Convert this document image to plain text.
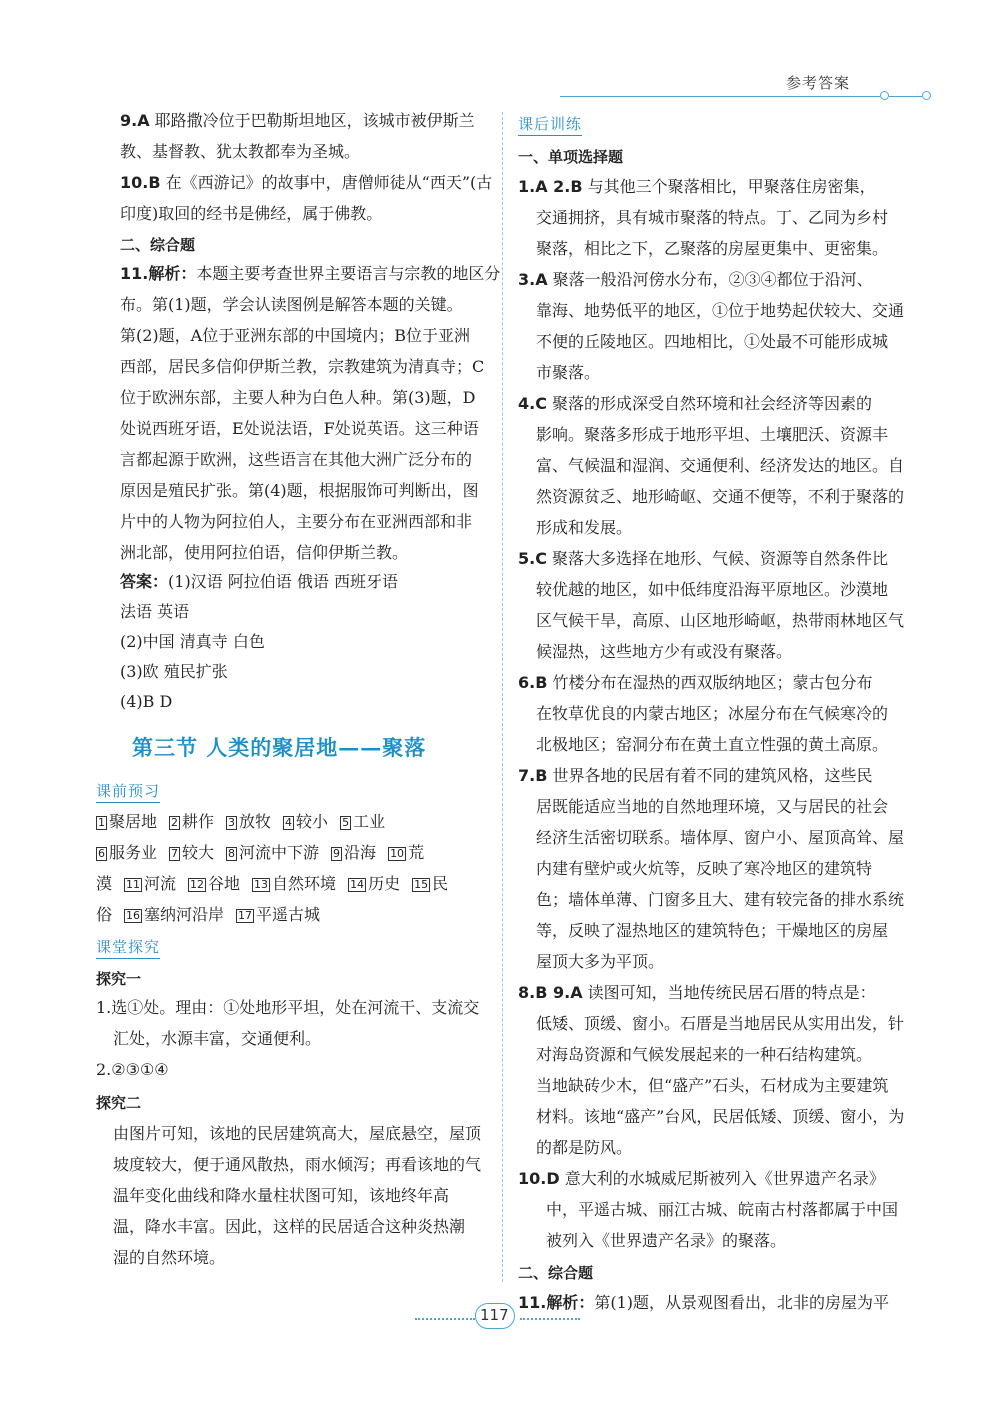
参考答案
9.A 耶路撒冷位于巴勒斯坦地区，该城市被伊斯兰
教、基督教、犹太教都奉为圣城。
10.B 在《西游记》的故事中，唐僧师徒从“西天”(古
印度)取回的经书是佛经，属于佛教。
二、综合题
11.解析：本题主要考查世界主要语言与宗教的地区分
布。第(1)题，学会认读图例是解答本题的关键。
第(2)题，A位于亚洲东部的中国境内；B位于亚洲
西部，居民多信仰伊斯兰教，宗教建筑为清真寺；C
位于欧洲东部，主要人种为白色人种。第(3)题，D
处说西班牙语，E处说法语，F处说英语。这三种语
言都起源于欧洲，这些语言在其他大洲广泛分布的
原因是殖民扩张。第(4)题，根据服饰可判断出，图
片中的人物为阿拉伯人，主要分布在亚洲西部和非
洲北部，使用阿拉伯语，信仰伊斯兰教。
答案：(1)汉语 阿拉伯语 俄语 西班牙语
法语 英语
(2)中国 清真寺 白色
(3)欧 殖民扩张
(4)B D
第三节 人类的聚居地——聚落
课前预习
1 聚居地 2 耕作 3 放牧 4 较小 5 工业
6 服务业 7 较大 8 河流中下游 9 沿海 10 荒
漠 11 河流 12 谷地 13 自然环境 14 历史 15 民
俗 16 塞纳河沿岸 17 平遥古城
课堂探究
探究一
1.选①处。理由：①处地形平坦，处在河流干、支流交
汇处，水源丰富，交通便利。
2.②③①④
探究二
由图片可知，该地的民居建筑高大，屋底悬空，屋顶
坡度较大，便于通风散热，雨水倾泻；再看该地的气
温年变化曲线和降水量柱状图可知，该地终年高
温，降水丰富。因此，这样的民居适合这种炎热潮
湿的自然环境。
课后训练
一、单项选择题
1.A 2.B 与其他三个聚落相比，甲聚落住房密集，
交通拥挤，具有城市聚落的特点。丁、乙同为乡村
聚落，相比之下，乙聚落的房屋更集中、更密集。
3.A 聚落一般沿河傍水分布，②③④都位于沿河、
靠海、地势低平的地区，①位于地势起伏较大、交通
不便的丘陵地区。四地相比，①处最不可能形成城
市聚落。
4.C 聚落的形成深受自然环境和社会经济等因素的
影响。聚落多形成于地形平坦、土壤肥沃、资源丰
富、气候温和湿润、交通便利、经济发达的地区。自
然资源贫乏、地形崎岖、交通不便等，不利于聚落的
形成和发展。
5.C 聚落大多选择在地形、气候、资源等自然条件比
较优越的地区，如中低纬度沿海平原地区。沙漠地
区气候干旱，高原、山区地形崎岖，热带雨林地区气
候湿热，这些地方少有或没有聚落。
6.B 竹楼分布在湿热的西双版纳地区；蒙古包分布
在牧草优良的内蒙古地区；冰屋分布在气候寒冷的
北极地区；窑洞分布在黄土直立性强的黄土高原。
7.B 世界各地的民居有着不同的建筑风格，这些民
居既能适应当地的自然地理环境，又与居民的社会
经济生活密切联系。墙体厚、窗户小、屋顶高耸、屋
内建有壁炉或火炕等，反映了寒冷地区的建筑特
色；墙体单薄、门窗多且大、建有较完备的排水系统
等，反映了湿热地区的建筑特色；干燥地区的房屋
屋顶大多为平顶。
8.B 9.A 读图可知，当地传统民居石厝的特点是：
低矮、顶缓、窗小。石厝是当地居民从实用出发，针
对海岛资源和气候发展起来的一种石结构建筑。
当地缺砖少木，但“盛产”石头，石材成为主要建筑
材料。该地“盛产”台风，民居低矮、顶缓、窗小，为
的都是防风。
10.D 意大利的水城威尼斯被列入《世界遗产名录》
中，平遥古城、丽江古城、皖南古村落都属于中国
被列入《世界遗产名录》的聚落。
二、综合题
11.解析：第(1)题，从景观图看出，北非的房屋为平
117
